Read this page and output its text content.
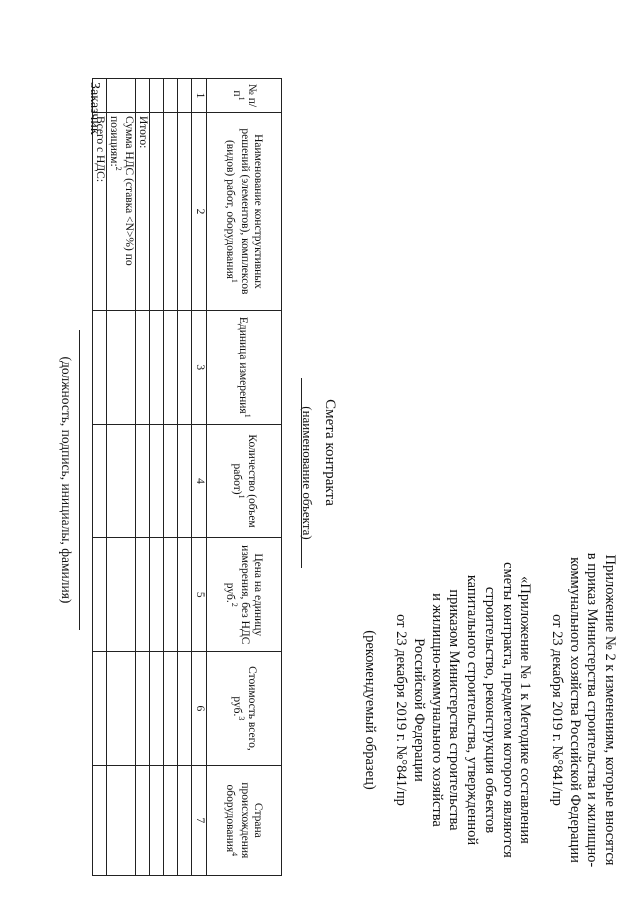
Приложение № 2 к изменениям, которые вносятся

в приказ Министерства строительства и жилищно-

коммунального хозяйства Российской Федерации

от 23 декабря 2019 г. №°841/пр

«Приложение № 1 к Методике составления

сметы контракта, предметом которого являются

строительство, реконструкция объектов

капитального строительства, утвержденной

приказом Министерства строительства

и жилищно-коммунального хозяйства

Российской Федерации

от 23 декабря 2019 г. №°841/пр

(рекомендуемый образец)

Смета контракта
(наименование объекта)
№ $п/п^1$	Наименование конструктивных решений (элементов), комплексов (видов) работ, оборудования$^1$	Единица измерения$^1$	Количество (объем работ)$^1$	Цена на единицу измерения, без НДС руб.$^2$	Стоимость всего, руб.$^3$	Страна происхождения оборудования$^4$
1	2	3	4	5	6	7

	Итого:					
	Сумма НДС (ставка <N>%) по позициям:$^2$					
	Всего с НДС:					
Заказчик
(должность, подпись, инициалы, фамилия)
